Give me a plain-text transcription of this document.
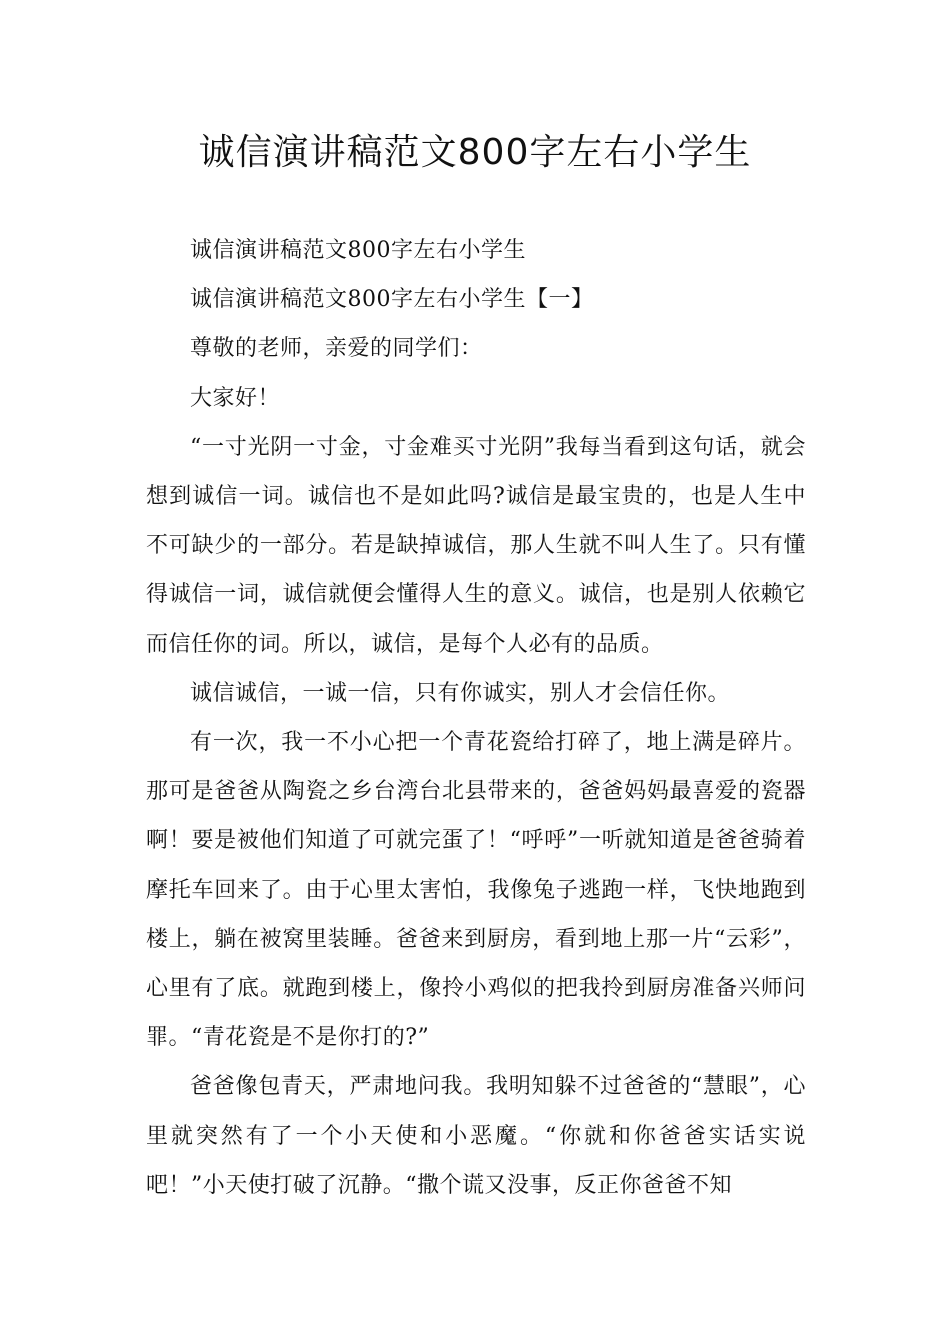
诚信演讲稿范文800字左右小学生

诚信演讲稿范文800字左右小学生

诚信演讲稿范文800字左右小学生【一】

尊敬的老师，亲爱的同学们：

大家好！

“一寸光阴一寸金，寸金难买寸光阴”我每当看到这句话，就会想到诚信一词。诚信也不是如此吗?诚信是最宝贵的，也是人生中不可缺少的一部分。若是缺掉诚信，那人生就不叫人生了。只有懂得诚信一词，诚信就便会懂得人生的意义。诚信，也是别人依赖它而信任你的词。所以，诚信，是每个人必有的品质。

诚信诚信，一诚一信，只有你诚实，别人才会信任你。

有一次，我一不小心把一个青花瓷给打碎了，地上满是碎片。那可是爸爸从陶瓷之乡台湾台北县带来的，爸爸妈妈最喜爱的瓷器啊！要是被他们知道了可就完蛋了！“呼呼”一听就知道是爸爸骑着摩托车回来了。由于心里太害怕，我像兔子逃跑一样，飞快地跑到楼上，躺在被窝里装睡。爸爸来到厨房，看到地上那一片“云彩”，心里有了底。就跑到楼上，像拎小鸡似的把我拎到厨房准备兴师问罪。“青花瓷是不是你打的?”

爸爸像包青天，严肃地问我。我明知躲不过爸爸的“慧眼”，心里就突然有了一个小天使和小恶魔。“你就和你爸爸实话实说吧！”小天使打破了沉静。“撒个谎又没事，反正你爸爸不知
